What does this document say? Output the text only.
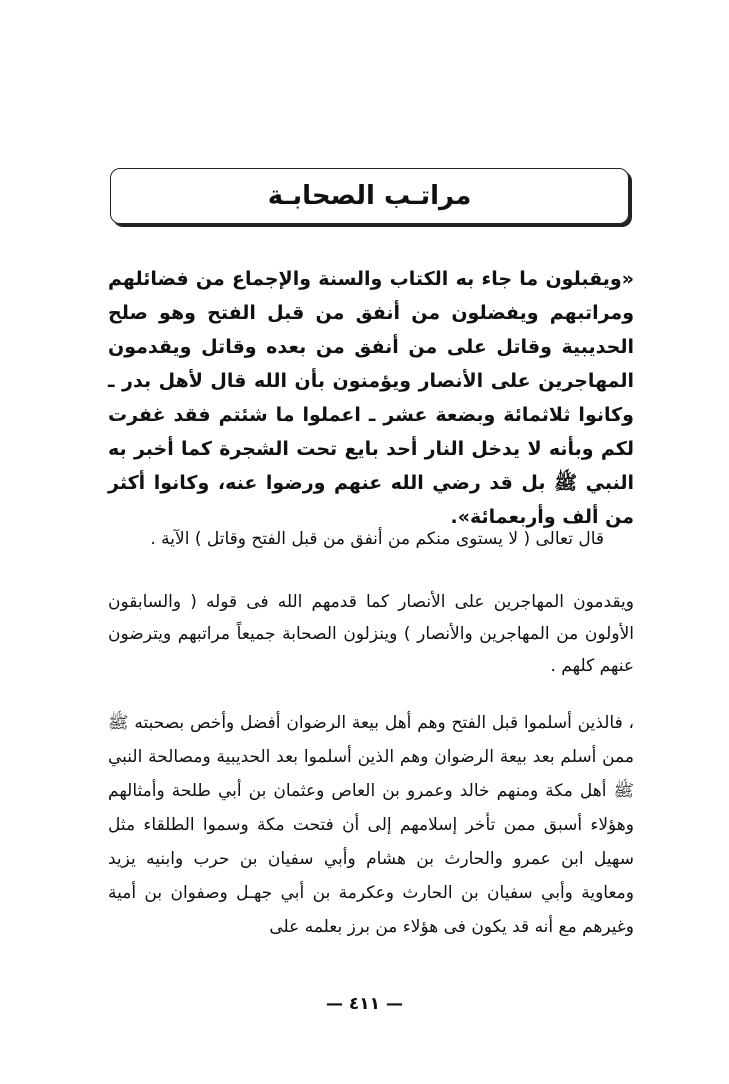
مراتـب الصحابـة

«ويقبلون ما جاء به الكتاب والسنة والإجماع من فضائلهم ومراتبهم ويفضلون من أنفق من قبل الفتح وهو صلح الحديبية وقاتل على من أنفق من بعده وقاتل ويقدمون المهاجرين على الأنصار ويؤمنون بأن الله قال لأهل بدر ـ وكانوا ثلاثمائة وبضعة عشر ـ اعملوا ما شئتم فقد غفرت لكم وبأنه لا يدخل النار أحد بايع تحت الشجرة كما أخبر به النبي ﷺ بل قد رضي الله عنهم ورضوا عنه، وكانوا أكثر من ألف وأربعمائة».

قال تعالى ( لا يستوى منكم من أنفق من قبل الفتح وقاتل ) الآية .

ويقدمون المهاجرين على الأنصار كما قدمهم الله فى قوله ( والسابقون الأولون من المهاجرين والأنصار ) وينزلون الصحابة جميعاً مراتبهم ويترضون عنهم كلهم .

، فالذين أسلموا قبل الفتح وهم أهل بيعة الرضوان أفضل وأخص بصحبته ﷺ ممن أسلم بعد بيعة الرضوان وهم الذين أسلموا بعد الحديبية ومصالحة النبي ﷺ أهل مكة ومنهم خالد وعمرو بن العاص وعثمان بن أبي طلحة وأمثالهم وهؤلاء أسبق ممن تأخر إسلامهم إلى أن فتحت مكة وسموا الطلقاء مثل سهيل ابن عمرو والحارث بن هشام وأبي سفيان بن حرب وابنيه يزيد ومعاوية وأبي سفيان بن الحارث وعكرمة بن أبي جهـل وصفوان بن أمية وغيرهم مع أنه قد يكون فى هؤلاء من برز بعلمه على

— ٤١١ —
